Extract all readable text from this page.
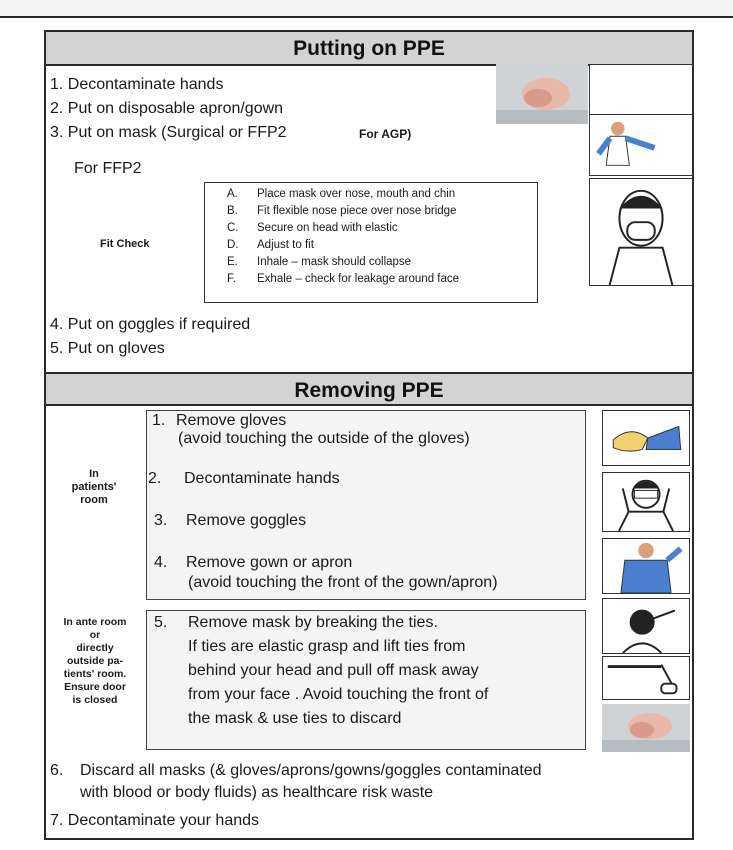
Putting on PPE
1. Decontaminate hands
2. Put on disposable apron/gown
3. Put on mask (Surgical or FFP2	For AGP)
For FFP2
Fit Check
A.	Place mask over nose, mouth and chin
B.	Fit flexible nose piece over nose bridge
C.	Secure on head with elastic
D.	Adjust to fit
E.	Inhale – mask should collapse
F.	Exhale – check for leakage around face
4. Put on goggles if required
5. Put on gloves
Removing PPE
In
patients'
room
1. Remove gloves
(avoid touching the outside of the gloves)
2. Decontaminate hands
3. Remove goggles
4. Remove gown or apron
(avoid touching the front of the gown/apron)
In ante room
or
directly
outside pa-
tients' room.
Ensure door
is closed
5. Remove mask by breaking the ties.
If ties are elastic grasp and lift ties from
behind your head and pull off mask away
from your face . Avoid touching the front of
the mask & use ties to discard
6. Discard all masks (& gloves/aprons/gowns/goggles contaminated
with blood or body fluids) as healthcare risk waste
7. Decontaminate your hands
